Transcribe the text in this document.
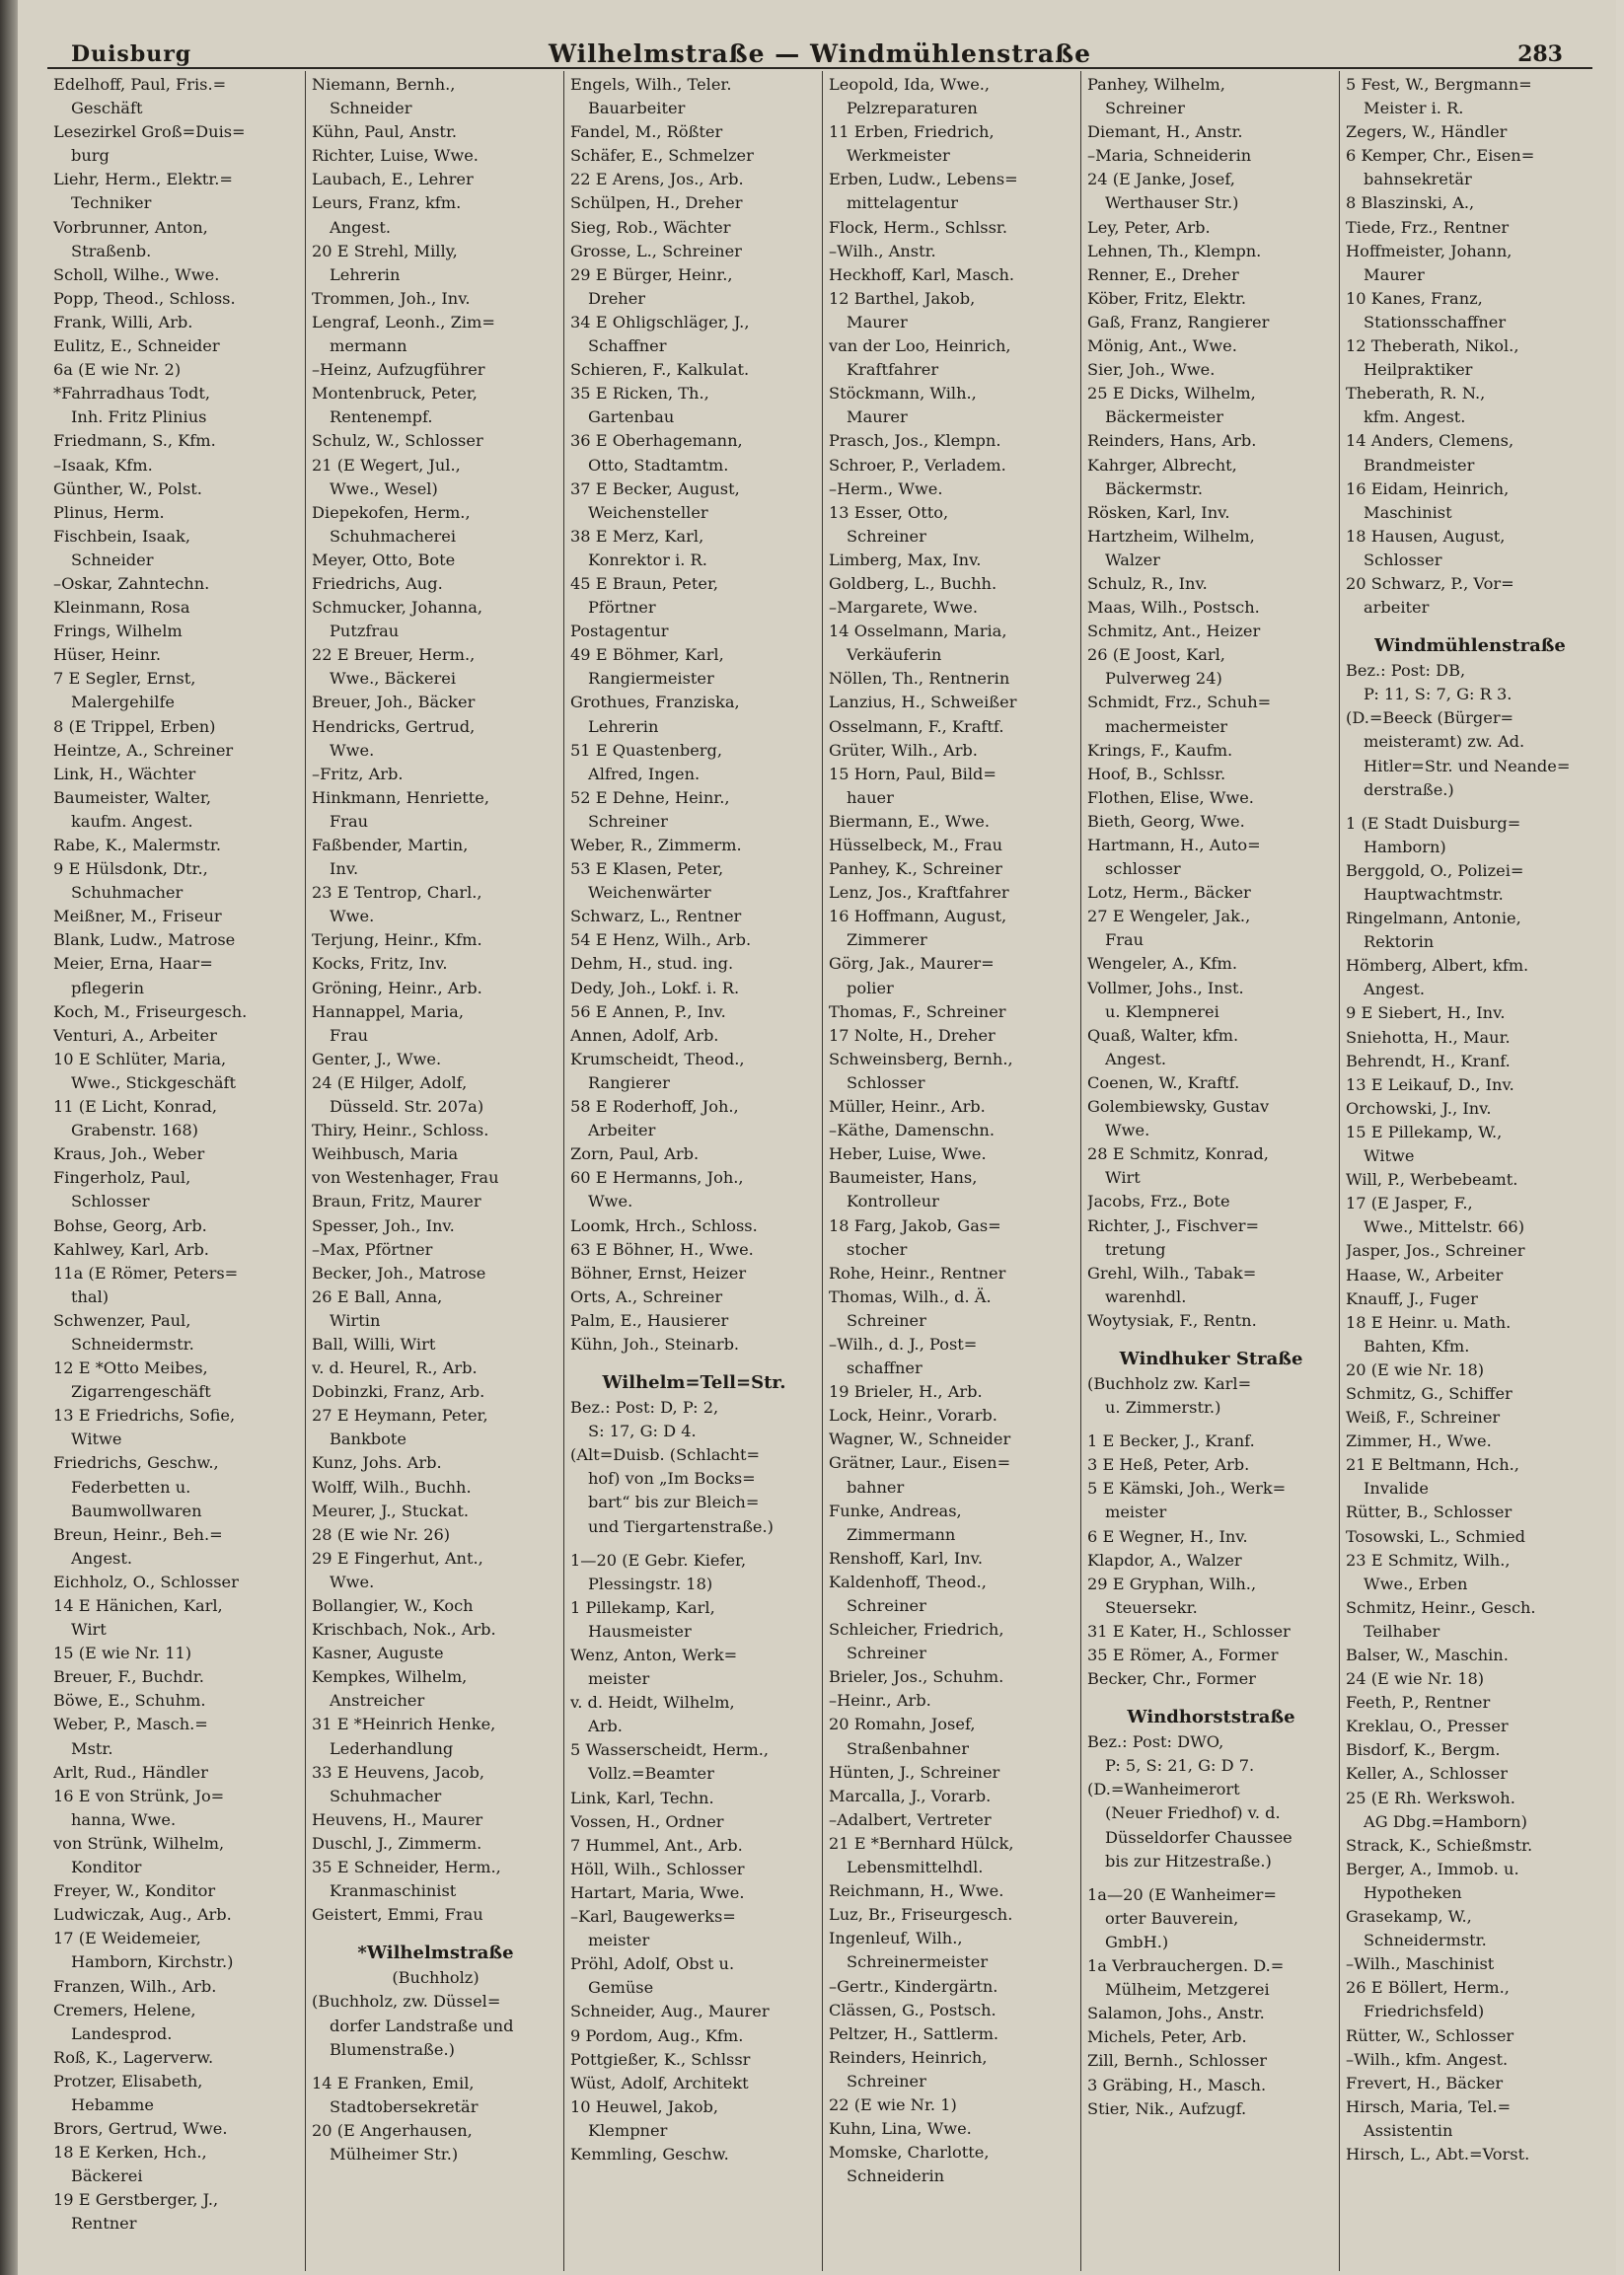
Duisburg	Wilhelmstraße — Windmühlenstraße	283
Edelhoff, Paul, Fris.=
Geschäft
Lesezirkel Groß=Duis=
burg
Liehr, Herm., Elektr.=
Techniker
Vorbrunner, Anton,
Straßenb.
Scholl, Wilhe., Wwe.
Popp, Theod., Schloss.
Frank, Willi, Arb.
Eulitz, E., Schneider
6a (E wie Nr. 2)
*Fahrradhaus Todt,
Inh. Fritz Plinius
Friedmann, S., Kfm.
–Isaak, Kfm.
Günther, W., Polst.
Plinus, Herm.
Fischbein, Isaak,
Schneider
–Oskar, Zahntechn.
Kleinmann, Rosa
Frings, Wilhelm
Hüser, Heinr.
7 E Segler, Ernst,
Malergehilfe
8 (E Trippel, Erben)
Heintze, A., Schreiner
Link, H., Wächter
Baumeister, Walter,
kaufm. Angest.
Rabe, K., Malermstr.
9 E Hülsdonk, Dtr.,
Schuhmacher
Meißner, M., Friseur
Blank, Ludw., Matrose
Meier, Erna, Haar=
pflegerin
Koch, M., Friseurgesch.
Venturi, A., Arbeiter
10 E Schlüter, Maria,
Wwe., Stickgeschäft
11 (E Licht, Konrad,
Grabenstr. 168)
Kraus, Joh., Weber
Fingerholz, Paul,
Schlosser
Bohse, Georg, Arb.
Kahlwey, Karl, Arb.
11a (E Römer, Peters=
thal)
Schwenzer, Paul,
Schneidermstr.
12 E *Otto Meibes,
Zigarrengeschäft
13 E Friedrichs, Sofie,
Witwe
Friedrichs, Geschw.,
Federbetten u.
Baumwollwaren
Breun, Heinr., Beh.=
Angest.
Eichholz, O., Schlosser
14 E Hänichen, Karl,
Wirt
15 (E wie Nr. 11)
Breuer, F., Buchdr.
Böwe, E., Schuhm.
Weber, P., Masch.=
Mstr.
Arlt, Rud., Händler
16 E von Strünk, Jo=
hanna, Wwe.
von Strünk, Wilhelm,
Konditor
Freyer, W., Konditor
Ludwiczak, Aug., Arb.
17 (E Weidemeier,
Hamborn, Kirchstr.)
Franzen, Wilh., Arb.
Cremers, Helene,
Landesprod.
Roß, K., Lagerverw.
Protzer, Elisabeth,
Hebamme
Brors, Gertrud, Wwe.
18 E Kerken, Hch.,
Bäckerei
19 E Gerstberger, J.,
Rentner
Niemann, Bernh.,
Schneider
Kühn, Paul, Anstr.
Richter, Luise, Wwe.
Laubach, E., Lehrer
Leurs, Franz, kfm.
Angest.
20 E Strehl, Milly,
Lehrerin
Trommen, Joh., Inv.
Lengraf, Leonh., Zim=
mermann
–Heinz, Aufzugführer
Montenbruck, Peter,
Rentenempf.
Schulz, W., Schlosser
21 (E Wegert, Jul.,
Wwe., Wesel)
Diepekofen, Herm.,
Schuhmacherei
Meyer, Otto, Bote
Friedrichs, Aug.
Schmucker, Johanna,
Putzfrau
22 E Breuer, Herm.,
Wwe., Bäckerei
Breuer, Joh., Bäcker
Hendricks, Gertrud,
Wwe.
–Fritz, Arb.
Hinkmann, Henriette,
Frau
Faßbender, Martin,
Inv.
23 E Tentrop, Charl.,
Wwe.
Terjung, Heinr., Kfm.
Kocks, Fritz, Inv.
Gröning, Heinr., Arb.
Hannappel, Maria,
Frau
Genter, J., Wwe.
24 (E Hilger, Adolf,
Düsseld. Str. 207a)
Thiry, Heinr., Schloss.
Weihbusch, Maria
von Westenhager, Frau
Braun, Fritz, Maurer
Spesser, Joh., Inv.
–Max, Pförtner
Becker, Joh., Matrose
26 E Ball, Anna,
Wirtin
Ball, Willi, Wirt
v. d. Heurel, R., Arb.
Dobinzki, Franz, Arb.
27 E Heymann, Peter,
Bankbote
Kunz, Johs. Arb.
Wolff, Wilh., Buchh.
Meurer, J., Stuckat.
28 (E wie Nr. 26)
29 E Fingerhut, Ant.,
Wwe.
Bollangier, W., Koch
Krischbach, Nok., Arb.
Kasner, Auguste
Kempkes, Wilhelm,
Anstreicher
31 E *Heinrich Henke,
Lederhandlung
33 E Heuvens, Jacob,
Schuhmacher
Heuvens, H., Maurer
Duschl, J., Zimmerm.
35 E Schneider, Herm.,
Kranmaschinist
Geistert, Emmi, Frau
*Wilhelmstraße
(Buchholz)
(Buchholz, zw. Düssel=
dorfer Landstraße und
Blumenstraße.)
14 E Franken, Emil,
Stadtobersekretär
20 (E Angerhausen,
Mülheimer Str.)
Engels, Wilh., Teler.
Bauarbeiter
Fandel, M., Rößter
Schäfer, E., Schmelzer
22 E Arens, Jos., Arb.
Schülpen, H., Dreher
Sieg, Rob., Wächter
Grosse, L., Schreiner
29 E Bürger, Heinr.,
Dreher
34 E Ohligschläger, J.,
Schaffner
Schieren, F., Kalkulat.
35 E Ricken, Th.,
Gartenbau
36 E Oberhagemann,
Otto, Stadtamtm.
37 E Becker, August,
Weichensteller
38 E Merz, Karl,
Konrektor i. R.
45 E Braun, Peter,
Pförtner
Postagentur
49 E Böhmer, Karl,
Rangiermeister
Grothues, Franziska,
Lehrerin
51 E Quastenberg,
Alfred, Ingen.
52 E Dehne, Heinr.,
Schreiner
Weber, R., Zimmerm.
53 E Klasen, Peter,
Weichenwärter
Schwarz, L., Rentner
54 E Henz, Wilh., Arb.
Dehm, H., stud. ing.
Dedy, Joh., Lokf. i. R.
56 E Annen, P., Inv.
Annen, Adolf, Arb.
Krumscheidt, Theod.,
Rangierer
58 E Roderhoff, Joh.,
Arbeiter
Zorn, Paul, Arb.
60 E Hermanns, Joh.,
Wwe.
Loomk, Hrch., Schloss.
63 E Böhner, H., Wwe.
Böhner, Ernst, Heizer
Orts, A., Schreiner
Palm, E., Hausierer
Kühn, Joh., Steinarb.
Wilhelm=Tell=Str.
Bez.: Post: D, P: 2,
S: 17, G: D 4.
(Alt=Duisb. (Schlacht=
hof) von „Im Bocks=
bart“ bis zur Bleich=
und Tiergartenstraße.)
1—20 (E Gebr. Kiefer,
Plessingstr. 18)
1 Pillekamp, Karl,
Hausmeister
Wenz, Anton, Werk=
meister
v. d. Heidt, Wilhelm,
Arb.
5 Wasserscheidt, Herm.,
Vollz.=Beamter
Link, Karl, Techn.
Vossen, H., Ordner
7 Hummel, Ant., Arb.
Höll, Wilh., Schlosser
Hartart, Maria, Wwe.
–Karl, Baugewerks=
meister
Pröhl, Adolf, Obst u.
Gemüse
Schneider, Aug., Maurer
9 Pordom, Aug., Kfm.
Pottgießer, K., Schlssr
Wüst, Adolf, Architekt
10 Heuwel, Jakob,
Klempner
Kemmling, Geschw.
Leopold, Ida, Wwe.,
Pelzreparaturen
11 Erben, Friedrich,
Werkmeister
Erben, Ludw., Lebens=
mittelagentur
Flock, Herm., Schlssr.
–Wilh., Anstr.
Heckhoff, Karl, Masch.
12 Barthel, Jakob,
Maurer
van der Loo, Heinrich,
Kraftfahrer
Stöckmann, Wilh.,
Maurer
Prasch, Jos., Klempn.
Schroer, P., Verladem.
–Herm., Wwe.
13 Esser, Otto,
Schreiner
Limberg, Max, Inv.
Goldberg, L., Buchh.
–Margarete, Wwe.
14 Osselmann, Maria,
Verkäuferin
Nöllen, Th., Rentnerin
Lanzius, H., Schweißer
Osselmann, F., Kraftf.
Grüter, Wilh., Arb.
15 Horn, Paul, Bild=
hauer
Biermann, E., Wwe.
Hüsselbeck, M., Frau
Panhey, K., Schreiner
Lenz, Jos., Kraftfahrer
16 Hoffmann, August,
Zimmerer
Görg, Jak., Maurer=
polier
Thomas, F., Schreiner
17 Nolte, H., Dreher
Schweinsberg, Bernh.,
Schlosser
Müller, Heinr., Arb.
–Käthe, Damenschn.
Heber, Luise, Wwe.
Baumeister, Hans,
Kontrolleur
18 Farg, Jakob, Gas=
stocher
Rohe, Heinr., Rentner
Thomas, Wilh., d. Ä.
Schreiner
–Wilh., d. J., Post=
schaffner
19 Brieler, H., Arb.
Lock, Heinr., Vorarb.
Wagner, W., Schneider
Grätner, Laur., Eisen=
bahner
Funke, Andreas,
Zimmermann
Renshoff, Karl, Inv.
Kaldenhoff, Theod.,
Schreiner
Schleicher, Friedrich,
Schreiner
Brieler, Jos., Schuhm.
–Heinr., Arb.
20 Romahn, Josef,
Straßenbahner
Hünten, J., Schreiner
Marcalla, J., Vorarb.
–Adalbert, Vertreter
21 E *Bernhard Hülck,
Lebensmittelhdl.
Reichmann, H., Wwe.
Luz, Br., Friseurgesch.
Ingenleuf, Wilh.,
Schreinermeister
–Gertr., Kindergärtn.
Clässen, G., Postsch.
Peltzer, H., Sattlerm.
Reinders, Heinrich,
Schreiner
22 (E wie Nr. 1)
Kuhn, Lina, Wwe.
Momske, Charlotte,
Schneiderin
Panhey, Wilhelm,
Schreiner
Diemant, H., Anstr.
–Maria, Schneiderin
24 (E Janke, Josef,
Werthauser Str.)
Ley, Peter, Arb.
Lehnen, Th., Klempn.
Renner, E., Dreher
Köber, Fritz, Elektr.
Gaß, Franz, Rangierer
Mönig, Ant., Wwe.
Sier, Joh., Wwe.
25 E Dicks, Wilhelm,
Bäckermeister
Reinders, Hans, Arb.
Kahrger, Albrecht,
Bäckermstr.
Rösken, Karl, Inv.
Hartzheim, Wilhelm,
Walzer
Schulz, R., Inv.
Maas, Wilh., Postsch.
Schmitz, Ant., Heizer
26 (E Joost, Karl,
Pulverweg 24)
Schmidt, Frz., Schuh=
machermeister
Krings, F., Kaufm.
Hoof, B., Schlssr.
Flothen, Elise, Wwe.
Bieth, Georg, Wwe.
Hartmann, H., Auto=
schlosser
Lotz, Herm., Bäcker
27 E Wengeler, Jak.,
Frau
Wengeler, A., Kfm.
Vollmer, Johs., Inst.
u. Klempnerei
Quaß, Walter, kfm.
Angest.
Coenen, W., Kraftf.
Golembiewsky, Gustav
Wwe.
28 E Schmitz, Konrad,
Wirt
Jacobs, Frz., Bote
Richter, J., Fischver=
tretung
Grehl, Wilh., Tabak=
warenhdl.
Woytysiak, F., Rentn.
Windhuker Straße
(Buchholz zw. Karl=
u. Zimmerstr.)
1 E Becker, J., Kranf.
3 E Heß, Peter, Arb.
5 E Kämski, Joh., Werk=
meister
6 E Wegner, H., Inv.
Klapdor, A., Walzer
29 E Gryphan, Wilh.,
Steuersekr.
31 E Kater, H., Schlosser
35 E Römer, A., Former
Becker, Chr., Former
Windhorststraße
Bez.: Post: DWO,
P: 5, S: 21, G: D 7.
(D.=Wanheimerort
(Neuer Friedhof) v. d.
Düsseldorfer Chaussee
bis zur Hitzestraße.)
1a—20 (E Wanheimer=
orter Bauverein,
GmbH.)
1a Verbrauchergen. D.=
Mülheim, Metzgerei
Salamon, Johs., Anstr.
Michels, Peter, Arb.
Zill, Bernh., Schlosser
3 Gräbing, H., Masch.
Stier, Nik., Aufzugf.
5 Fest, W., Bergmann=
Meister i. R.
Zegers, W., Händler
6 Kemper, Chr., Eisen=
bahnsekretär
8 Blaszinski, A.,
Tiede, Frz., Rentner
Hoffmeister, Johann,
Maurer
10 Kanes, Franz,
Stationsschaffner
12 Theberath, Nikol.,
Heilpraktiker
Theberath, R. N.,
kfm. Angest.
14 Anders, Clemens,
Brandmeister
16 Eidam, Heinrich,
Maschinist
18 Hausen, August,
Schlosser
20 Schwarz, P., Vor=
arbeiter
Windmühlenstraße
Bez.: Post: DB,
P: 11, S: 7, G: R 3.
(D.=Beeck (Bürger=
meisteramt) zw. Ad.
Hitler=Str. und Neande=
derstraße.)
1 (E Stadt Duisburg=
Hamborn)
Berggold, O., Polizei=
Hauptwachtmstr.
Ringelmann, Antonie,
Rektorin
Hömberg, Albert, kfm.
Angest.
9 E Siebert, H., Inv.
Sniehotta, H., Maur.
Behrendt, H., Kranf.
13 E Leikauf, D., Inv.
Orchowski, J., Inv.
15 E Pillekamp, W.,
Witwe
Will, P., Werbebeamt.
17 (E Jasper, F.,
Wwe., Mittelstr. 66)
Jasper, Jos., Schreiner
Haase, W., Arbeiter
Knauff, J., Fuger
18 E Heinr. u. Math.
Bahten, Kfm.
20 (E wie Nr. 18)
Schmitz, G., Schiffer
Weiß, F., Schreiner
Zimmer, H., Wwe.
21 E Beltmann, Hch.,
Invalide
Rütter, B., Schlosser
Tosowski, L., Schmied
23 E Schmitz, Wilh.,
Wwe., Erben
Schmitz, Heinr., Gesch.
Teilhaber
Balser, W., Maschin.
24 (E wie Nr. 18)
Feeth, P., Rentner
Kreklau, O., Presser
Bisdorf, K., Bergm.
Keller, A., Schlosser
25 (E Rh. Werkswoh.
AG Dbg.=Hamborn)
Strack, K., Schießmstr.
Berger, A., Immob. u.
Hypotheken
Grasekamp, W.,
Schneidermstr.
–Wilh., Maschinist
26 E Böllert, Herm.,
Friedrichsfeld)
Rütter, W., Schlosser
–Wilh., kfm. Angest.
Frevert, H., Bäcker
Hirsch, Maria, Tel.=
Assistentin
Hirsch, L., Abt.=Vorst.
